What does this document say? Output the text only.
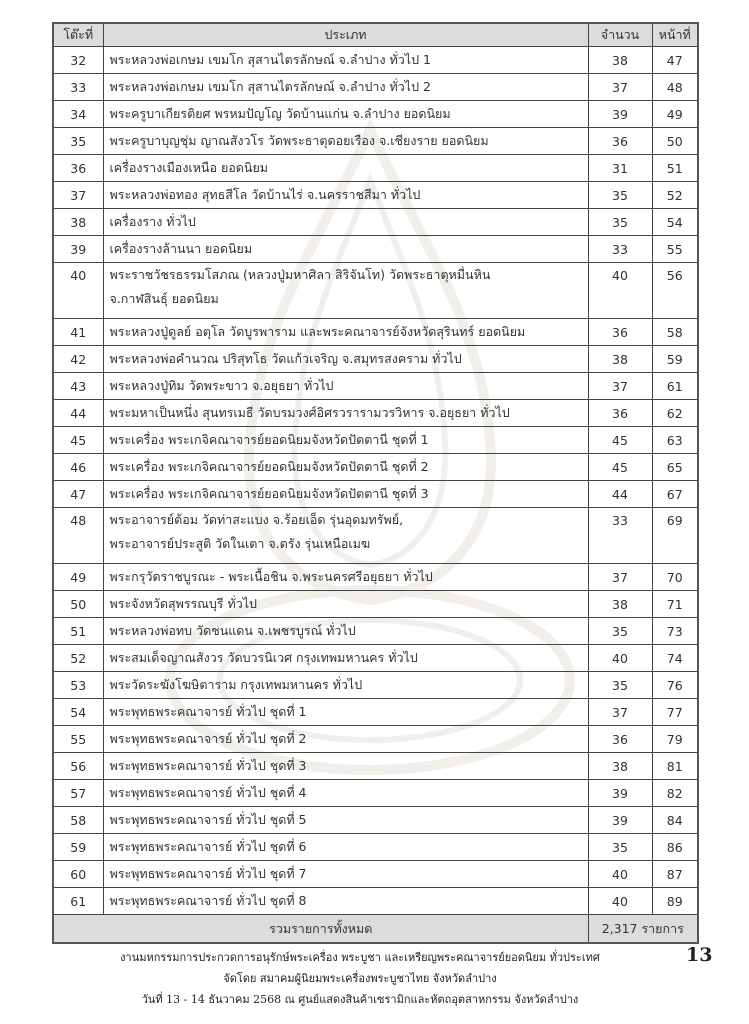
โต๊ะที่	ประเภท	จำนวน	หน้าที่
32	พระหลวงพ่อเกษม เขมโก สุสานไตรลักษณ์ จ.ลำปาง ทั่วไป 1	38	47
33	พระหลวงพ่อเกษม เขมโก สุสานไตรลักษณ์ จ.ลำปาง ทั่วไป 2	37	48
34	พระครูบาเกียรติยศ พรหมปัญโญ วัดบ้านแก่น จ.ลำปาง ยอดนิยม	39	49
35	พระครูบาบุญชุ่ม ญาณสังวโร วัดพระธาตุดอยเรือง จ.เชียงราย ยอดนิยม	36	50
36	เครื่องรางเมืองเหนือ ยอดนิยม	31	51
37	พระหลวงพ่อทอง สุทธสีโล วัดบ้านไร่ จ.นครราชสีมา ทั่วไป	35	52
38	เครื่องราง ทั่วไป	35	54
39	เครื่องรางล้านนา ยอดนิยม	33	55
40	พระราชวัชรธรรมโสภณ (หลวงปู่มหาศิลา สิริจันโท) วัดพระธาตุหมื่นหิน
จ.กาฬสินธุ์ ยอดนิยม	40	56
41	พระหลวงปู่ดูลย์ อตุโล วัดบูรพาราม และพระคณาจารย์จังหวัดสุรินทร์ ยอดนิยม	36	58
42	พระหลวงพ่อคำนวณ ปริสุทโธ วัดแก้วเจริญ จ.สมุทรสงคราม ทั่วไป	38	59
43	พระหลวงปู่ทิม วัดพระขาว จ.อยุธยา ทั่วไป	37	61
44	พระมหาเป็นหนึ่ง สุนทรเมธี วัดบรมวงศ์อิศรวรารามวรวิหาร จ.อยุธยา ทั่วไป	36	62
45	พระเครื่อง พระเกจิคณาจารย์ยอดนิยมจังหวัดปัตตานี ชุดที่ 1	45	63
46	พระเครื่อง พระเกจิคณาจารย์ยอดนิยมจังหวัดปัตตานี ชุดที่ 2	45	65
47	พระเครื่อง พระเกจิคณาจารย์ยอดนิยมจังหวัดปัตตานี ชุดที่ 3	44	67
48	พระอาจารย์ต้อม วัดท่าสะแบง จ.ร้อยเอ็ด รุ่นอุดมทรัพย์,
พระอาจารย์ประสูติ วัดในเตา จ.ตรัง รุ่นเหนือเมฆ	33	69
49	พระกรุวัดราชบูรณะ - พระเนื้อชิน จ.พระนครศรีอยุธยา ทั่วไป	37	70
50	พระจังหวัดสุพรรณบุรี ทั่วไป	38	71
51	พระหลวงพ่อทบ วัดชนแดน จ.เพชรบูรณ์ ทั่วไป	35	73
52	พระสมเด็จญาณสังวร วัดบวรนิเวศ กรุงเทพมหานคร ทั่วไป	40	74
53	พระวัดระฆังโฆษิตาราม กรุงเทพมหานคร ทั่วไป	35	76
54	พระพุทธพระคณาจารย์ ทั่วไป ชุดที่ 1	37	77
55	พระพุทธพระคณาจารย์ ทั่วไป ชุดที่ 2	36	79
56	พระพุทธพระคณาจารย์ ทั่วไป ชุดที่ 3	38	81
57	พระพุทธพระคณาจารย์ ทั่วไป ชุดที่ 4	39	82
58	พระพุทธพระคณาจารย์ ทั่วไป ชุดที่ 5	39	84
59	พระพุทธพระคณาจารย์ ทั่วไป ชุดที่ 6	35	86
60	พระพุทธพระคณาจารย์ ทั่วไป ชุดที่ 7	40	87
61	พระพุทธพระคณาจารย์ ทั่วไป ชุดที่ 8	40	89
รวมรายการทั้งหมด		2,317 รายการ	
งานมหกรรมการประกวดการอนุรักษ์พระเครื่อง พระบูชา และเหรียญพระคณาจารย์ยอดนิยม ทั่วประเทศ
จัดโดย สมาคมผู้นิยมพระเครื่องพระบูชาไทย จังหวัดลำปาง
วันที่ 13 - 14 ธันวาคม 2568 ณ ศูนย์แสดงสินค้าเซรามิกและหัตถอุตสาหกรรม จังหวัดลำปาง
13
